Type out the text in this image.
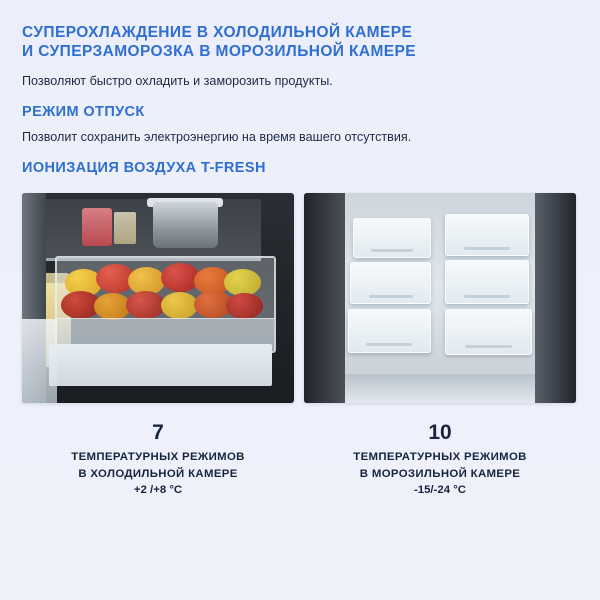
СУПЕРОХЛАЖДЕНИЕ В ХОЛОДИЛЬНОЙ КАМЕРЕ
И СУПЕРЗАМОРОЗКА В МОРОЗИЛЬНОЙ КАМЕРЕ

Позволяют быстро охладить и заморозить продукты.

РЕЖИМ ОТПУСК

Позволит сохранить электроэнергию на время вашего отсутствия.

ИОНИЗАЦИЯ ВОЗДУХА T-FRESH
7
ТЕМПЕРАТУРНЫХ РЕЖИМОВ
В ХОЛОДИЛЬНОЙ КАМЕРЕ
+2 /+8 °C
10
ТЕМПЕРАТУРНЫХ РЕЖИМОВ
В МОРОЗИЛЬНОЙ КАМЕРЕ
-15/-24 °C
